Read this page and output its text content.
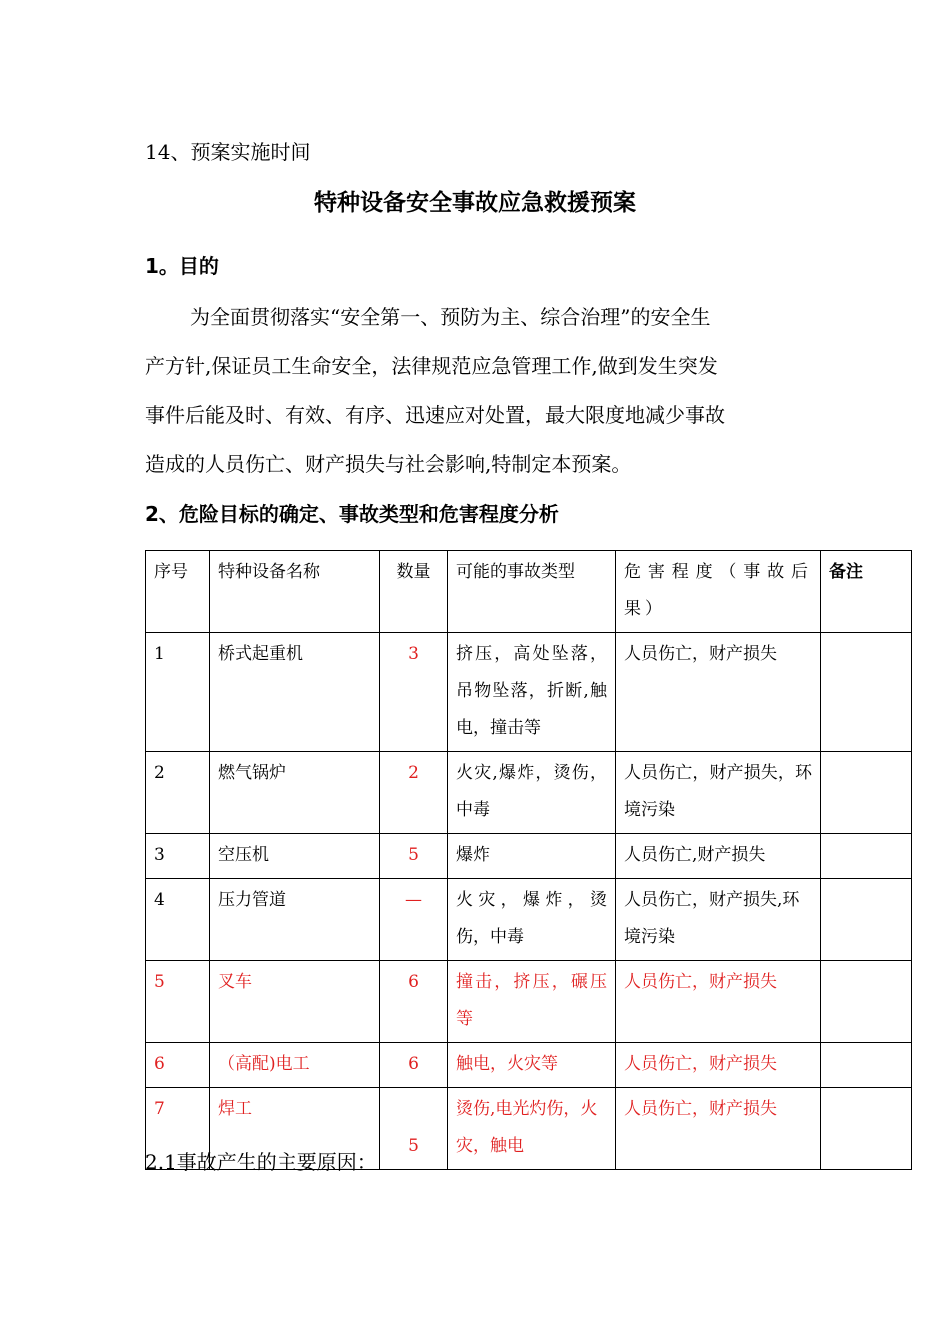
14、预案实施时间
特种设备安全事故应急救援预案
1。目的
为全面贯彻落实“安全第一、预防为主、综合治理”的安全生
产方针,保证员工生命安全，法律规范应急管理工作,做到发生突发
事件后能及时、有效、有序、迅速应对处置，最大限度地减少事故
造成的人员伤亡、财产损失与社会影响,特制定本预案。
2、危险目标的确定、事故类型和危害程度分析
序号	特种设备名称	数量	可能的事故类型	危害程度（事故后果）	备注
1	桥式起重机	3	挤压，高处坠落，吊物坠落，折断,触电，撞击等	人员伤亡，财产损失	
2	燃气锅炉	2	火灾,爆炸，烫伤，中毒	人员伤亡，财产损失，环境污染	
3	空压机	5	爆炸	人员伤亡,财产损失	
4	压力管道	—	火灾，爆炸，烫伤，中毒	人员伤亡，财产损失,环境污染	
5	叉车	6	撞击，挤压，碾压等	人员伤亡，财产损失	
6	（高配)电工	6	触电，火灾等	人员伤亡，财产损失	
7	焊工	5	烫伤,电光灼伤，火灾，触电	人员伤亡，财产损失	
2.1事故产生的主要原因：
